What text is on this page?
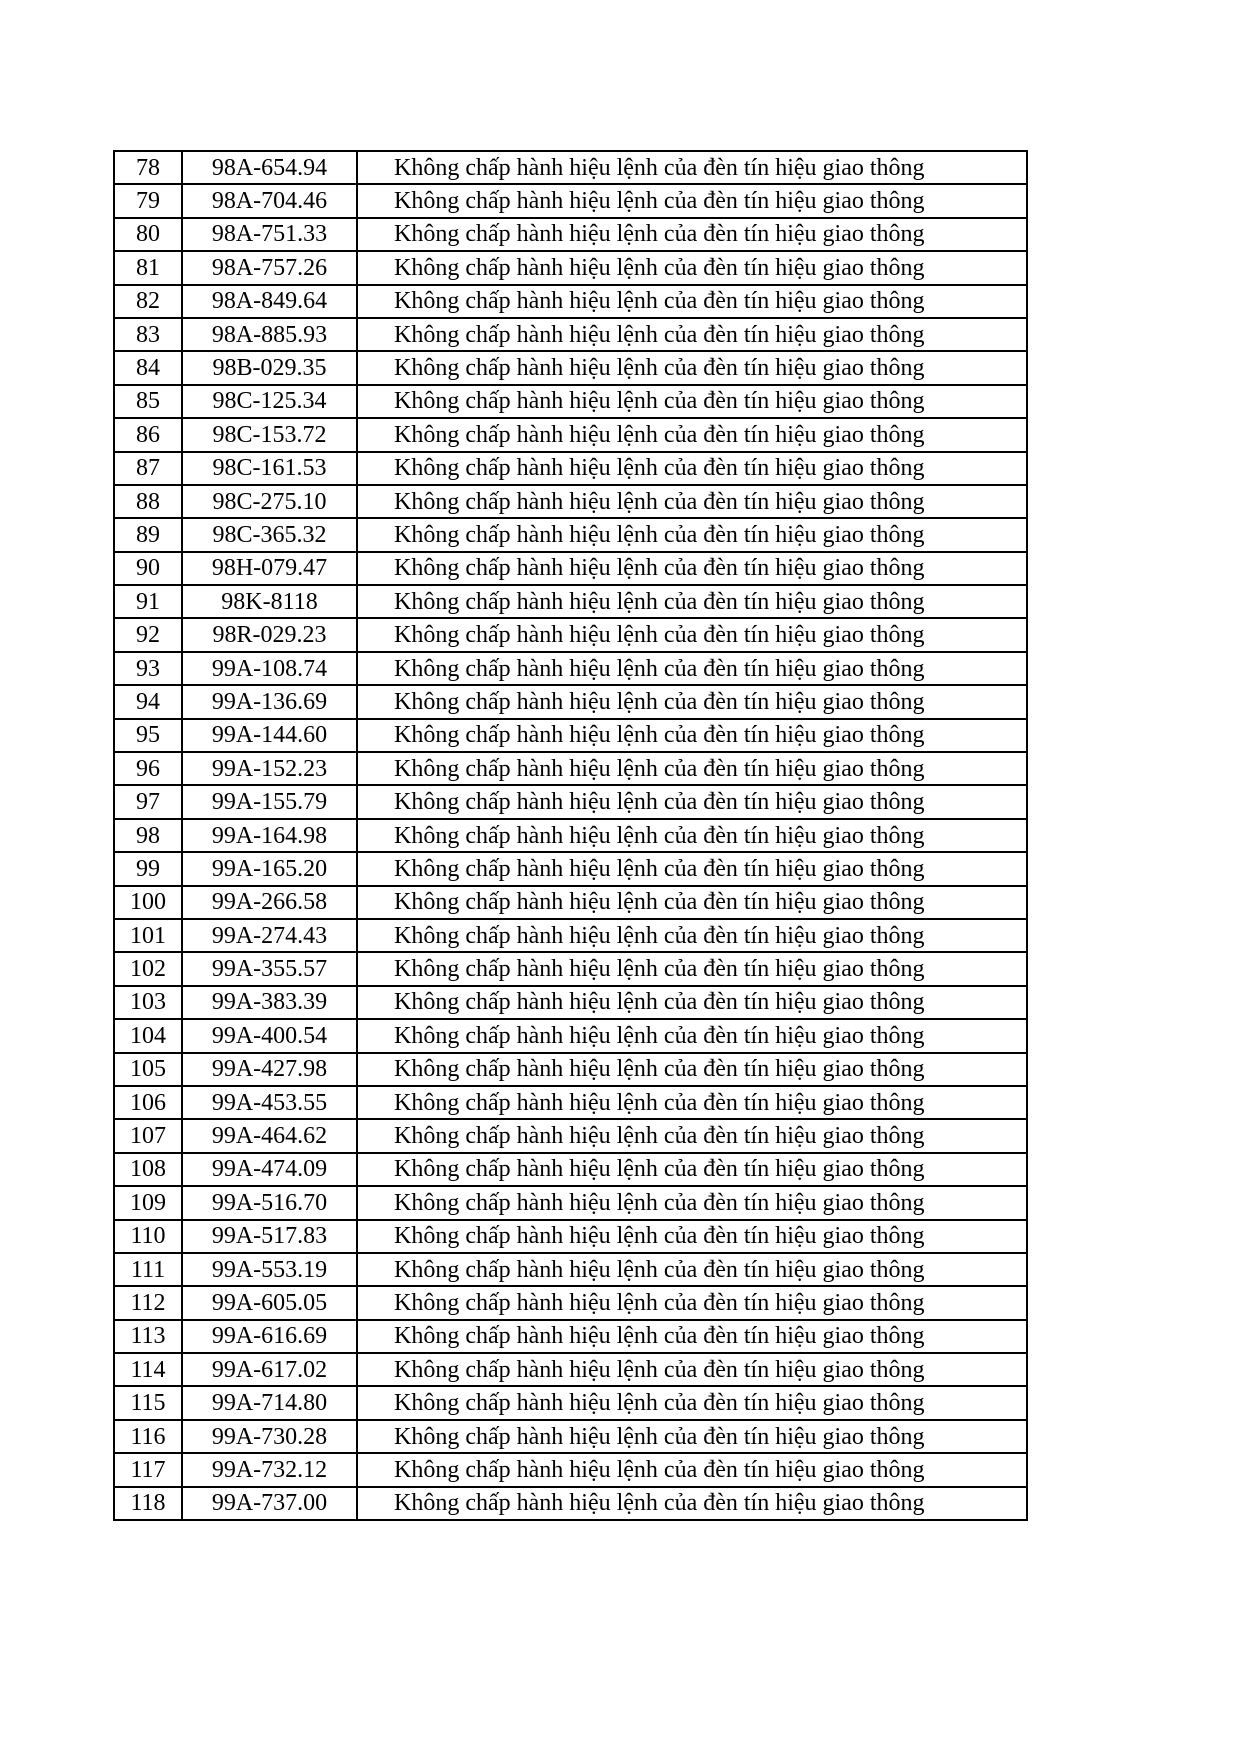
78	98A-654.94	Không chấp hành hiệu lệnh của đèn tín hiệu giao thông
79	98A-704.46	Không chấp hành hiệu lệnh của đèn tín hiệu giao thông
80	98A-751.33	Không chấp hành hiệu lệnh của đèn tín hiệu giao thông
81	98A-757.26	Không chấp hành hiệu lệnh của đèn tín hiệu giao thông
82	98A-849.64	Không chấp hành hiệu lệnh của đèn tín hiệu giao thông
83	98A-885.93	Không chấp hành hiệu lệnh của đèn tín hiệu giao thông
84	98B-029.35	Không chấp hành hiệu lệnh của đèn tín hiệu giao thông
85	98C-125.34	Không chấp hành hiệu lệnh của đèn tín hiệu giao thông
86	98C-153.72	Không chấp hành hiệu lệnh của đèn tín hiệu giao thông
87	98C-161.53	Không chấp hành hiệu lệnh của đèn tín hiệu giao thông
88	98C-275.10	Không chấp hành hiệu lệnh của đèn tín hiệu giao thông
89	98C-365.32	Không chấp hành hiệu lệnh của đèn tín hiệu giao thông
90	98H-079.47	Không chấp hành hiệu lệnh của đèn tín hiệu giao thông
91	98K-8118	Không chấp hành hiệu lệnh của đèn tín hiệu giao thông
92	98R-029.23	Không chấp hành hiệu lệnh của đèn tín hiệu giao thông
93	99A-108.74	Không chấp hành hiệu lệnh của đèn tín hiệu giao thông
94	99A-136.69	Không chấp hành hiệu lệnh của đèn tín hiệu giao thông
95	99A-144.60	Không chấp hành hiệu lệnh của đèn tín hiệu giao thông
96	99A-152.23	Không chấp hành hiệu lệnh của đèn tín hiệu giao thông
97	99A-155.79	Không chấp hành hiệu lệnh của đèn tín hiệu giao thông
98	99A-164.98	Không chấp hành hiệu lệnh của đèn tín hiệu giao thông
99	99A-165.20	Không chấp hành hiệu lệnh của đèn tín hiệu giao thông
100	99A-266.58	Không chấp hành hiệu lệnh của đèn tín hiệu giao thông
101	99A-274.43	Không chấp hành hiệu lệnh của đèn tín hiệu giao thông
102	99A-355.57	Không chấp hành hiệu lệnh của đèn tín hiệu giao thông
103	99A-383.39	Không chấp hành hiệu lệnh của đèn tín hiệu giao thông
104	99A-400.54	Không chấp hành hiệu lệnh của đèn tín hiệu giao thông
105	99A-427.98	Không chấp hành hiệu lệnh của đèn tín hiệu giao thông
106	99A-453.55	Không chấp hành hiệu lệnh của đèn tín hiệu giao thông
107	99A-464.62	Không chấp hành hiệu lệnh của đèn tín hiệu giao thông
108	99A-474.09	Không chấp hành hiệu lệnh của đèn tín hiệu giao thông
109	99A-516.70	Không chấp hành hiệu lệnh của đèn tín hiệu giao thông
110	99A-517.83	Không chấp hành hiệu lệnh của đèn tín hiệu giao thông
111	99A-553.19	Không chấp hành hiệu lệnh của đèn tín hiệu giao thông
112	99A-605.05	Không chấp hành hiệu lệnh của đèn tín hiệu giao thông
113	99A-616.69	Không chấp hành hiệu lệnh của đèn tín hiệu giao thông
114	99A-617.02	Không chấp hành hiệu lệnh của đèn tín hiệu giao thông
115	99A-714.80	Không chấp hành hiệu lệnh của đèn tín hiệu giao thông
116	99A-730.28	Không chấp hành hiệu lệnh của đèn tín hiệu giao thông
117	99A-732.12	Không chấp hành hiệu lệnh của đèn tín hiệu giao thông
118	99A-737.00	Không chấp hành hiệu lệnh của đèn tín hiệu giao thông
